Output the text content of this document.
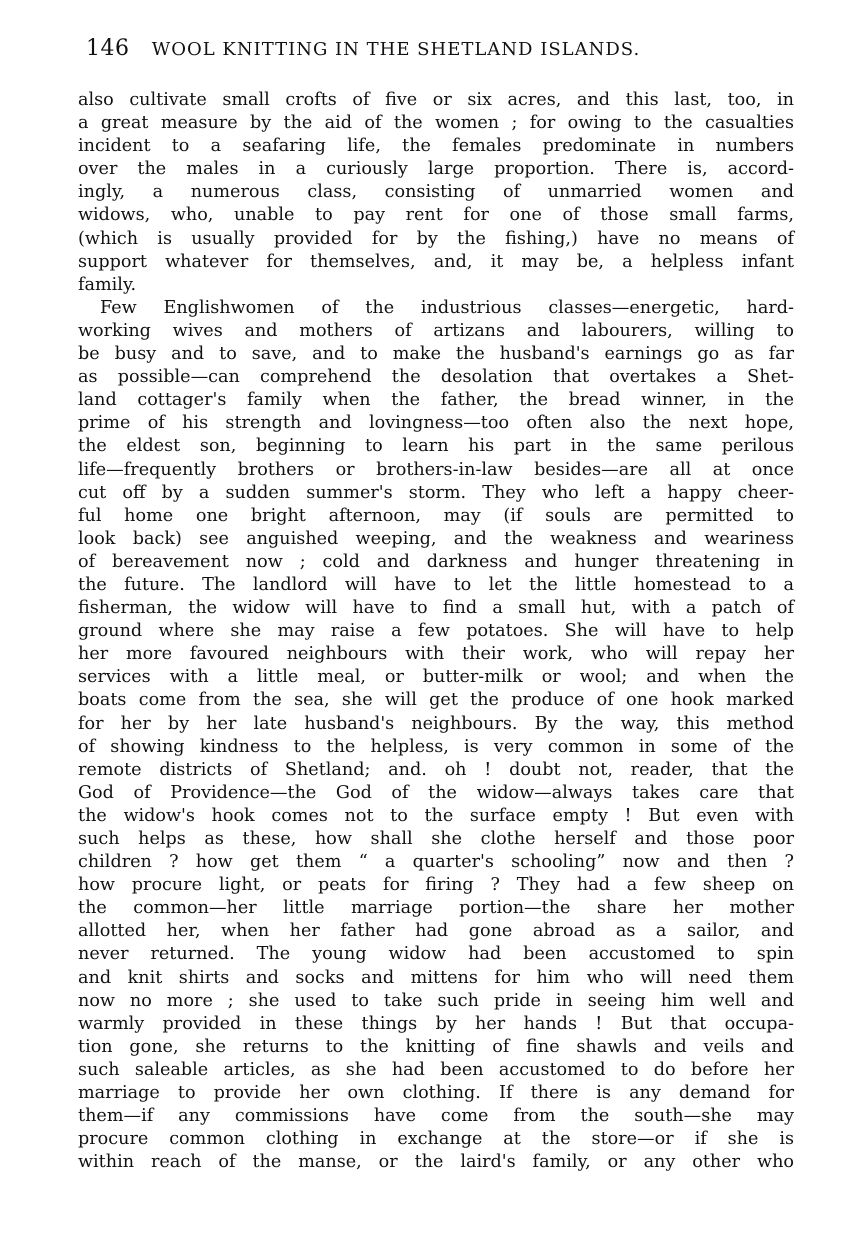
146 WOOL KNITTING IN THE SHETLAND ISLANDS.
also cultivate small crofts of five or six acres, and this last, too, in
a great measure by the aid of the women ; for owing to the casualties
incident to a seafaring life, the females predominate in numbers
over the males in a curiously large proportion. There is, accord-
ingly, a numerous class, consisting of unmarried women and
widows, who, unable to pay rent for one of those small farms,
(which is usually provided for by the fishing,) have no means of
support whatever for themselves, and, it may be, a helpless infant
family.
Few Englishwomen of the industrious classes—energetic, hard-
working wives and mothers of artizans and labourers, willing to
be busy and to save, and to make the husband's earnings go as far
as possible—can comprehend the desolation that overtakes a Shet-
land cottager's family when the father, the bread winner, in the
prime of his strength and lovingness—too often also the next hope,
the eldest son, beginning to learn his part in the same perilous
life—frequently brothers or brothers-in-law besides—are all at once
cut off by a sudden summer's storm. They who left a happy cheer-
ful home one bright afternoon, may (if souls are permitted to
look back) see anguished weeping, and the weakness and weariness
of bereavement now ; cold and darkness and hunger threatening in
the future. The landlord will have to let the little homestead to a
fisherman, the widow will have to find a small hut, with a patch of
ground where she may raise a few potatoes. She will have to help
her more favoured neighbours with their work, who will repay her
services with a little meal, or butter-milk or wool; and when the
boats come from the sea, she will get the produce of one hook marked
for her by her late husband's neighbours. By the way, this method
of showing kindness to the helpless, is very common in some of the
remote districts of Shetland; and. oh ! doubt not, reader, that the
God of Providence—the God of the widow—always takes care that
the widow's hook comes not to the surface empty ! But even with
such helps as these, how shall she clothe herself and those poor
children ? how get them “ a quarter's schooling” now and then ?
how procure light, or peats for firing ? They had a few sheep on
the common—her little marriage portion—the share her mother
allotted her, when her father had gone abroad as a sailor, and
never returned. The young widow had been accustomed to spin
and knit shirts and socks and mittens for him who will need them
now no more ; she used to take such pride in seeing him well and
warmly provided in these things by her hands ! But that occupa-
tion gone, she returns to the knitting of fine shawls and veils and
such saleable articles, as she had been accustomed to do before her
marriage to provide her own clothing. If there is any demand for
them—if any commissions have come from the south—she may
procure common clothing in exchange at the store—or if she is
within reach of the manse, or the laird's family, or any other who
